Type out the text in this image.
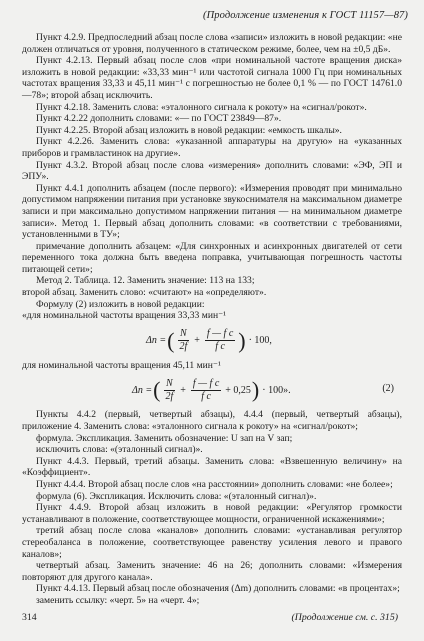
(Продолжение изменения к ГОСТ 11157—87)

Пункт 4.2.9. Предпоследний абзац после слова «записи» изложить в новой редакции: «не должен отличаться от уровня, полученного в статическом режиме, более, чем на ±0,5 дБ».

Пункт 4.2.13. Первый абзац после слов «при номинальной частоте вращения диска» изложить в новой редакции: «33,33 мин⁻¹ или частотой сигнала 1000 Гц при номинальных частотах вращения 33,33 и 45,11 мин⁻¹ с погрешностью не более 0,1 % — по ГОСТ 14761.0—78»; второй абзац исключить.

Пункт 4.2.18. Заменить слова: «эталонного сигнала к рокоту» на «сигнал/рокот».

Пункт 4.2.22 дополнить словами: «— по ГОСТ 23849—87».

Пункт 4.2.25. Второй абзац изложить в новой редакции: «емкость шкалы».

Пункт 4.2.26. Заменить слова: «указанной аппаратуры на другую» на «указанных приборов и грамвластинок на другие».

Пункт 4.3.2. Второй абзац после слова «измерения» дополнить словами: «ЭФ, ЭП и ЭПУ».

Пункт 4.4.1 дополнить абзацем (после первого): «Измерения проводят при минимально допустимом напряжении питания при установке звукоснимателя на максимальном диаметре записи и при максимально допустимом напряжении питания — на минимальном диаметре записи». Метод 1. Первый абзац дополнить словами: «в соответствии с требованиями, установленными в ТУ»;

примечание дополнить абзацем: «Для синхронных и асинхронных двигателей от сети переменного тока должна быть введена поправка, учитывающая погрешность частоты питающей сети»;

Метод 2. Таблица. 12. Заменить значение: 113 на 133;

второй абзац. Заменить слово: «считают» на «определяют».

Формулу (2) изложить в новой редакции:

«для номинальной частоты вращения 33,33 мин⁻¹

Δn = ( $\frac{N}{2f} + \frac{\text{f — f c}}{\text{f c}}$ ) · 100,

для номинальной частоты вращения 45,11 мин⁻¹

Δn = ( $\frac{N}{2f} + \frac{\text{f — f c}}{\text{f c}} + 0,25$ ) · 100».	(2)

Пункты 4.4.2 (первый, четвертый абзацы), 4.4.4 (первый, четвертый абзацы), приложение 4. Заменить слова: «эталонного сигнала к рокоту» на «сигнал/рокот»;

формула. Экспликация. Заменить обозначение: U зап на V зап;

исключить слова: «(эталонный сигнал)».

Пункт 4.4.3. Первый, третий абзацы. Заменить слова: «Взвешенную величину» на «Коэффициент».

Пункт 4.4.4. Второй абзац после слов «на расстоянии» дополнить словами: «не более»;

формула (6). Экспликация. Исключить слова: «(эталонный сигнал)».

Пункт 4.4.9. Второй абзац изложить в новой редакции: «Регулятор громкости устанавливают в положение, соответствующее мощности, ограниченной искажениями»;

третий абзац после слова «каналов» дополнить словами: «устанавливая регулятор стереобаланса в положение, соответствующее равенству усиления левого и правого каналов»;

четвертый абзац. Заменить значение: 46 на 26; дополнить словами: «Измерения повторяют для другого канала».

Пункт 4.4.13. Первый абзац после обозначения (Δm) дополнить словами: «в процентах»;

заменить ссылку: «черт. 5» на «черт. 4»;

314	(Продолжение см. с. 315)
